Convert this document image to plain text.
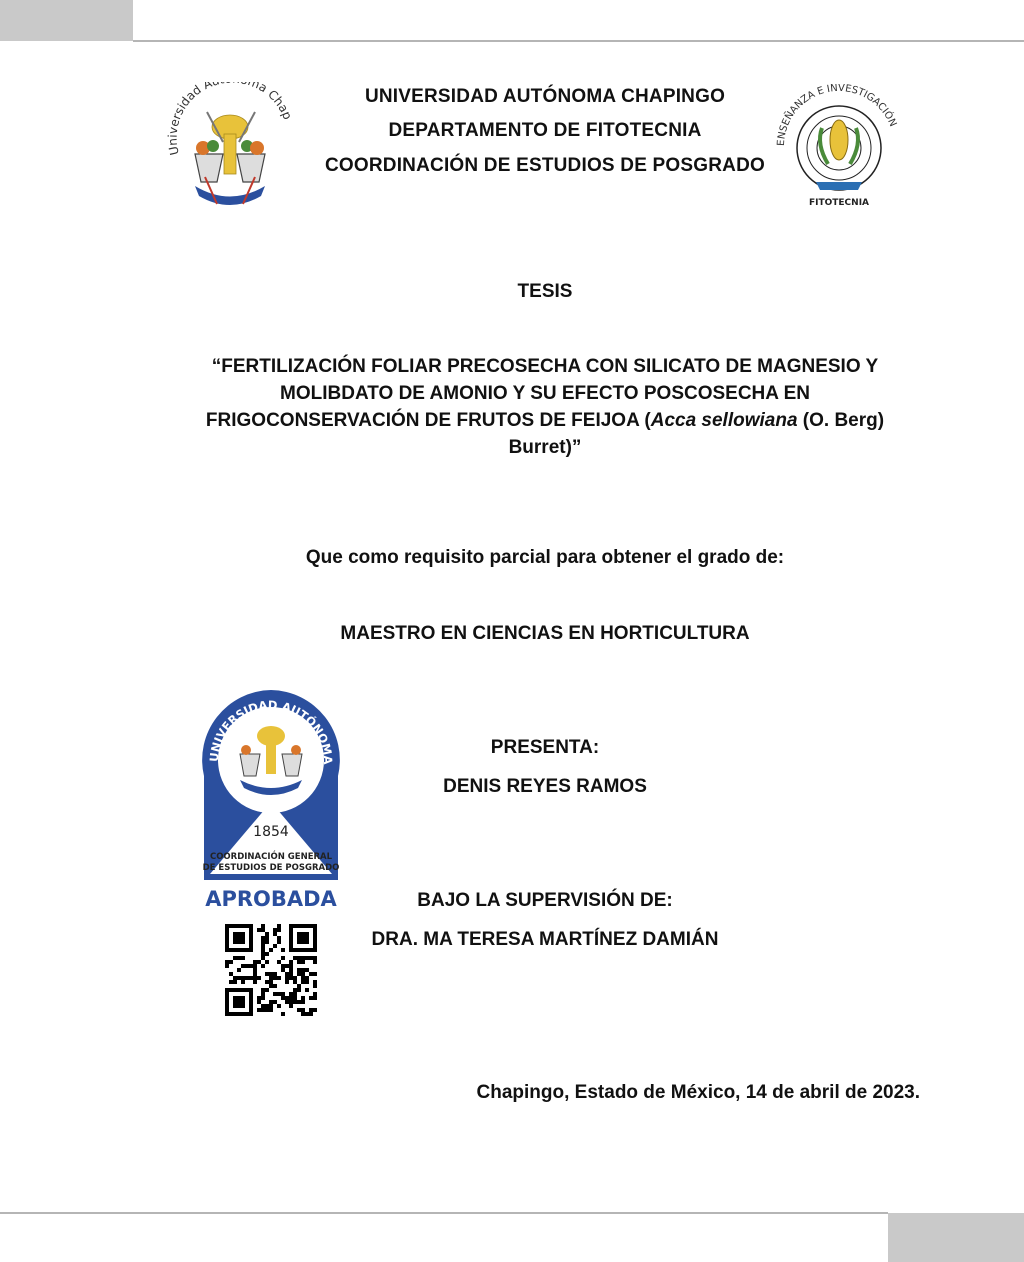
Universidad A ma Chap
UNIVERSIDAD AUTÓNOMA CHAPINGO
DEPARTAMENTO DE FITOTECNIA
COORDINACIÓN DE ESTUDIOS DE POSGRADO
ENSEÑANZA E INVESTIGACIÓN
FITOTECNIA
TESIS
“FERTILIZACIÓN FOLIAR PRECOSECHA CON SILICATO DE MAGNESIO Y MOLIBDATO DE AMONIO Y SU EFECTO POSCOSECHA EN FRIGOCONSERVACIÓN DE FRUTOS DE FEIJOA (Acca sellowiana (O. Berg) Burret)”
Que como requisito parcial para obtener el grado de:
MAESTRO EN CIENCIAS EN HORTICULTURA
UNIVERSIDAD AUTÓNOMA
1854
COORDINACIÓN GENERAL
DE ESTUDIOS DE POSGRADO
APROBADA
PRESENTA:
DENIS REYES RAMOS
BAJO LA SUPERVISIÓN DE:
DRA. MA TERESA MARTÍNEZ DAMIÁN
Chapingo, Estado de México, 14 de abril de 2023.
